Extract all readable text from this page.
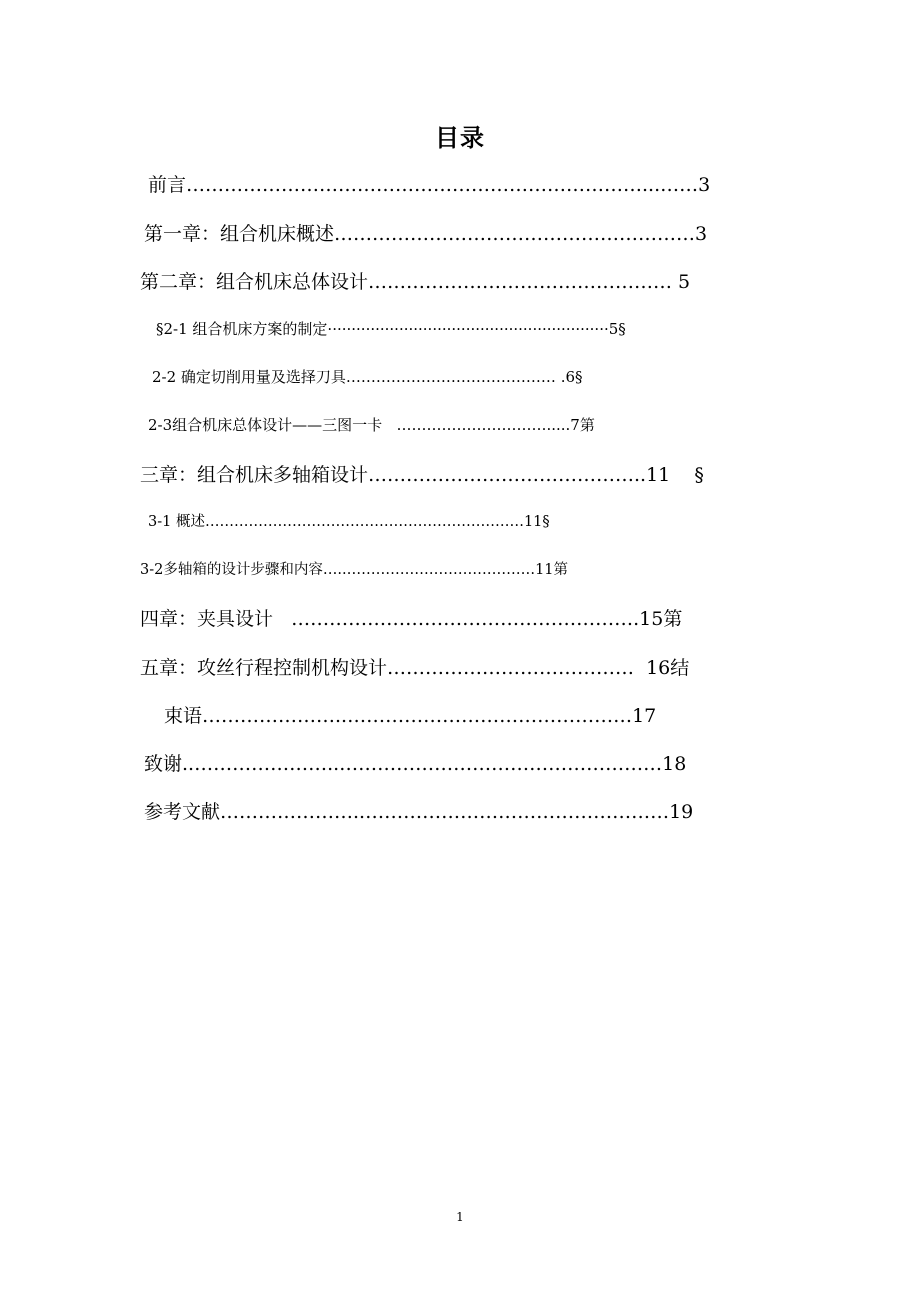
目录
前言………………………………………………………………...……3
第一章：组合机床概述…………………………………………………3
第二章：组合机床总体设计………………………………………… 5
§2-1 组合机床方案的制定···························································5§
2-2 确定切削用量及选择刀具…………………………………… .6§
2-3组合机床总体设计——三图一卡   ………………………….....7第
三章：组合机床多轴箱设计……………………………………..11    §
3-1 概述…………………………………………………………11§
3-2多轴箱的设计步骤和内容…..…………………………………11第
四章：夹具设计   ……………………………………………….15第
五章：攻丝行程控制机构设计…………………………………  16结
束语…………………..………………………………………17
致谢..…………………..……………………………………………18
参考文献…………………..…………………………………………19
1
